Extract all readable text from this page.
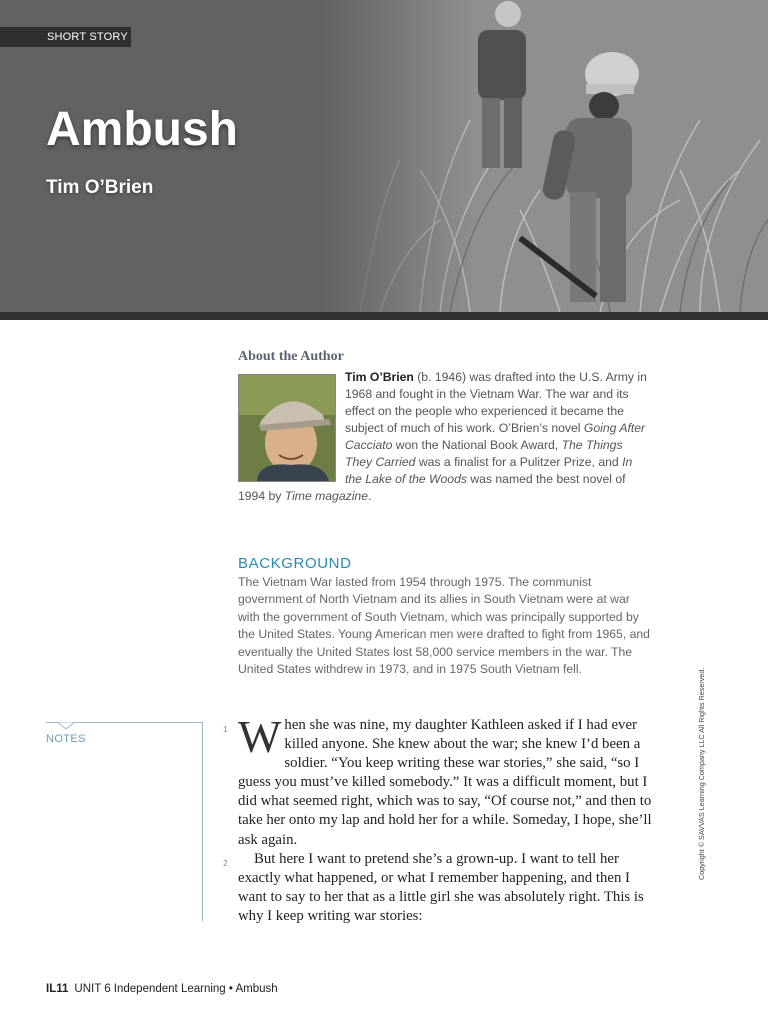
SHORT STORY
Ambush
Tim O’Brien
About the Author
Tim O’Brien (b. 1946) was drafted into the U.S. Army in 1968 and fought in the Vietnam War. The war and its effect on the people who experienced it became the subject of much of his work. O’Brien’s novel Going After Cacciato won the National Book Award, The Things They Carried was a finalist for a Pulitzer Prize, and In the Lake of the Woods was named the best novel of 1994 by Time magazine.
BACKGROUND
The Vietnam War lasted from 1954 through 1975. The communist government of North Vietnam and its allies in South Vietnam were at war with the government of South Vietnam, which was principally supported by the United States. Young American men were drafted to fight from 1965, and eventually the United States lost 58,000 service members in the war. The United States withdrew in 1973, and in 1975 South Vietnam fell.
NOTES

1 W hen she was nine, my daughter Kathleen asked if I had ever killed anyone. She knew about the war; she knew I’d been a soldier. “You keep writing these war stories,” she said, “so I guess you must’ve killed somebody.” It was a difficult moment, but I did what seemed right, which was to say, “Of course not,” and then to take her onto my lap and hold her for a while. Someday, I hope, she’ll ask again.

2 But here I want to pretend she’s a grown-up. I want to tell her exactly what happened, or what I remember happening, and then I want to say to her that as a little girl she was absolutely right. This is why I keep writing war stories:

Copyright © SAVVAS Learning Company LLC All Rights Reserved.
IL11 UNIT 6 Independent Learning • Ambush
